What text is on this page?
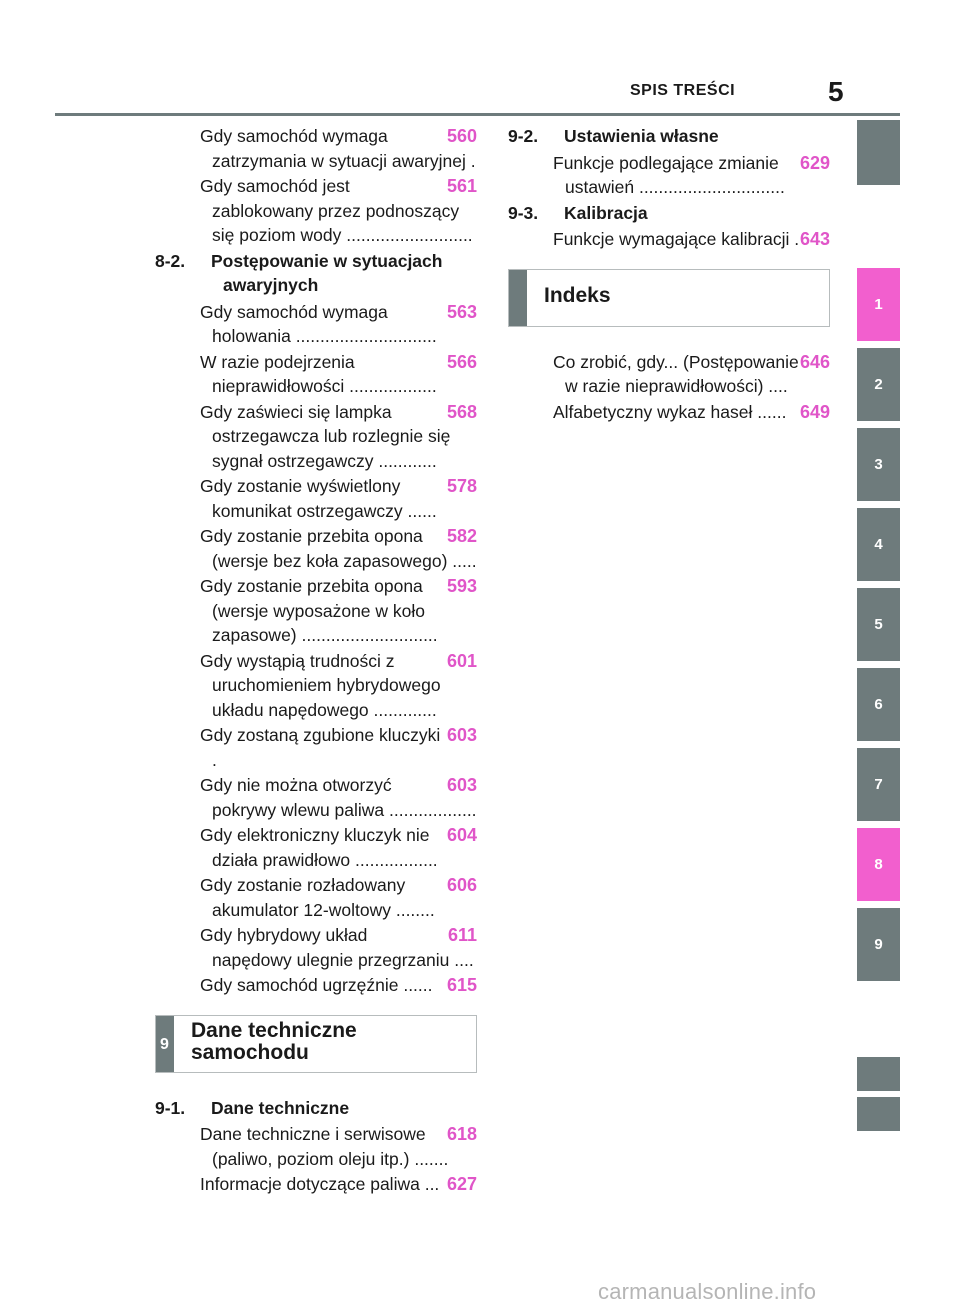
SPIS TREŚCI	5
560
Gdy samochód wymaga zatrzymania w sytuacji awaryjnej .
561
Gdy samochód jest zablokowany przez podnoszący się poziom wody ..........................
8-2. Postępowanie w sytuacjach awaryjnych
563
Gdy samochód wymaga holowania .............................
566
W razie podejrzenia nieprawidłowości ..................
568
Gdy zaświeci się lampka ostrzegawcza lub rozlegnie się sygnał ostrzegawczy ............
578
Gdy zostanie wyświetlony komunikat ostrzegawczy ......
582
Gdy zostanie przebita opona (wersje bez koła zapasowego) .....
593
Gdy zostanie przebita opona (wersje wyposażone w koło zapasowe) ............................
601
Gdy wystąpią trudności z uruchomieniem hybrydowego układu napędowego .............
603
Gdy zostaną zgubione kluczyki .
603
Gdy nie można otworzyć pokrywy wlewu paliwa ..................
604
Gdy elektroniczny kluczyk nie działa prawidłowo .................
606
Gdy zostanie rozładowany akumulator 12-woltowy ........
611
Gdy hybrydowy układ napędowy ulegnie przegrzaniu ....
615
Gdy samochód ugrzęźnie ......
9
Dane techniczne
samochodu
9-1. Dane techniczne
618
Dane techniczne i serwisowe (paliwo, poziom oleju itp.) .......
627
Informacje dotyczące paliwa ...
9-2. Ustawienia własne
629
Funkcje podlegające zmianie ustawień ..............................
9-3. Kalibracja
643
Funkcje wymagające kalibracji .
Indeks
646
Co zrobić, gdy... (Postępowanie w razie nieprawidłowości) ....
649
Alfabetyczny wykaz haseł ......
1
2
3
4
5
6
7
8
9
carmanualsonline.info
